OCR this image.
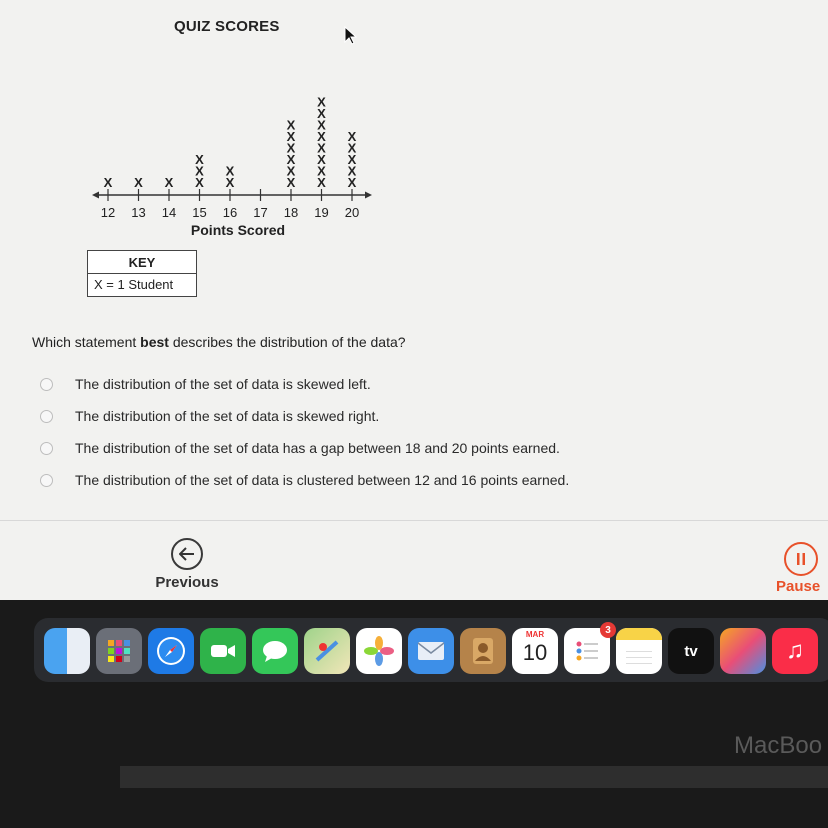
QUIZ SCORES
12
X
13
X
14
X
15
X
X
X
16
X
X
17 18
X
X
X
X
X
X
19
X
X
X
X
X
X
X
X
20
X
X
X
X
X
Points Scored
KEY
X = 1 Student
Which statement best describes the distribution of the data?
The distribution of the set of data is skewed left.
The distribution of the set of data is skewed right.
The distribution of the set of data has a gap between 18 and 20 points earned.
The distribution of the set of data is clustered between 12 and 16 points earned.
Previous	Pause
MAR
10
3
tv	♫
MacBoo
